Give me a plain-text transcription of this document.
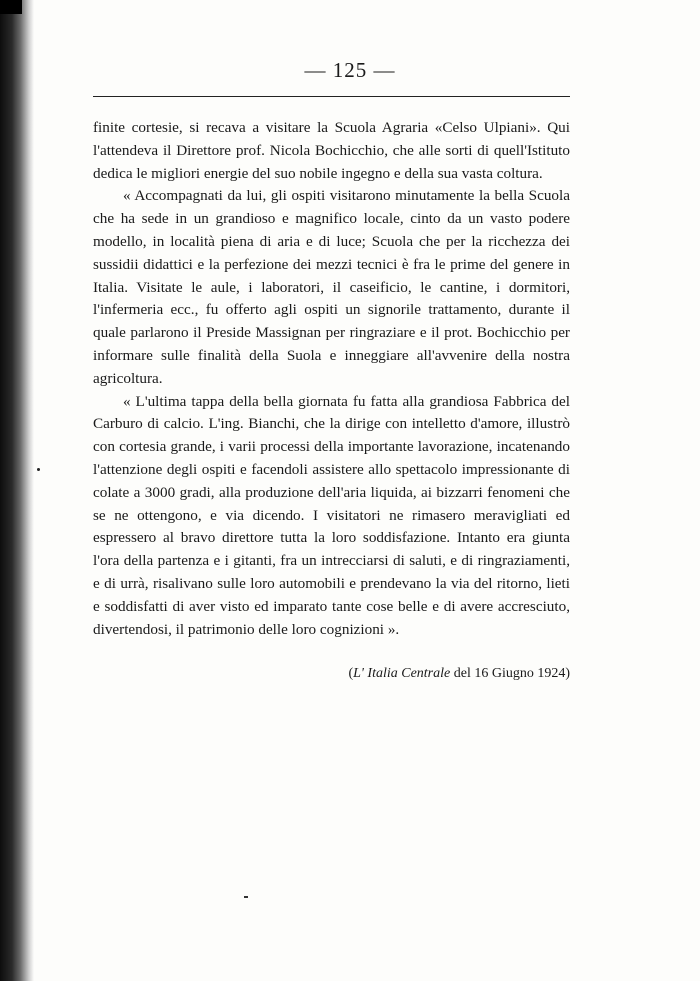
— 125 —

finite cortesie, si recava a visitare la Scuola Agraria «Celso Ulpiani». Qui l'attendeva il Direttore prof. Nicola Bochicchio, che alle sorti di quell'Istituto dedica le migliori energie del suo nobile ingegno e della sua vasta coltura.

« Accompagnati da lui, gli ospiti visitarono minutamente la bella Scuola che ha sede in un grandioso e magnifico locale, cinto da un vasto podere modello, in località piena di aria e di luce; Scuola che per la ricchezza dei sussidii didattici e la perfezione dei mezzi tecnici è fra le prime del genere in Italia. Visitate le aule, i laboratori, il caseificio, le cantine, i dormitori, l'infermeria ecc., fu offerto agli ospiti un signorile trattamento, durante il quale parlarono il Preside Massignan per ringraziare e il prot. Bochicchio per informare sulle finalità della Suola e inneggiare all'avvenire della nostra agricoltura.

« L'ultima tappa della bella giornata fu fatta alla grandiosa Fabbrica del Carburo di calcio. L'ing. Bianchi, che la dirige con intelletto d'amore, illustrò con cortesia grande, i varii processi della importante lavorazione, incatenando l'attenzione degli ospiti e facendoli assistere allo spettacolo impressionante di colate a 3000 gradi, alla produzione dell'aria liquida, ai bizzarri fenomeni che se ne ottengono, e via dicendo. I visitatori ne rimasero meravigliati ed espressero al bravo direttore tutta la loro soddisfazione. Intanto era giunta l'ora della partenza e i gitanti, fra un intrecciarsi di saluti, e di ringraziamenti, e di urrà, risalivano sulle loro automobili e prendevano la via del ritorno, lieti e soddisfatti di aver visto ed imparato tante cose belle e di avere accresciuto, divertendosi, il patrimonio delle loro cognizioni ».

(L' Italia Centrale del 16 Giugno 1924)
